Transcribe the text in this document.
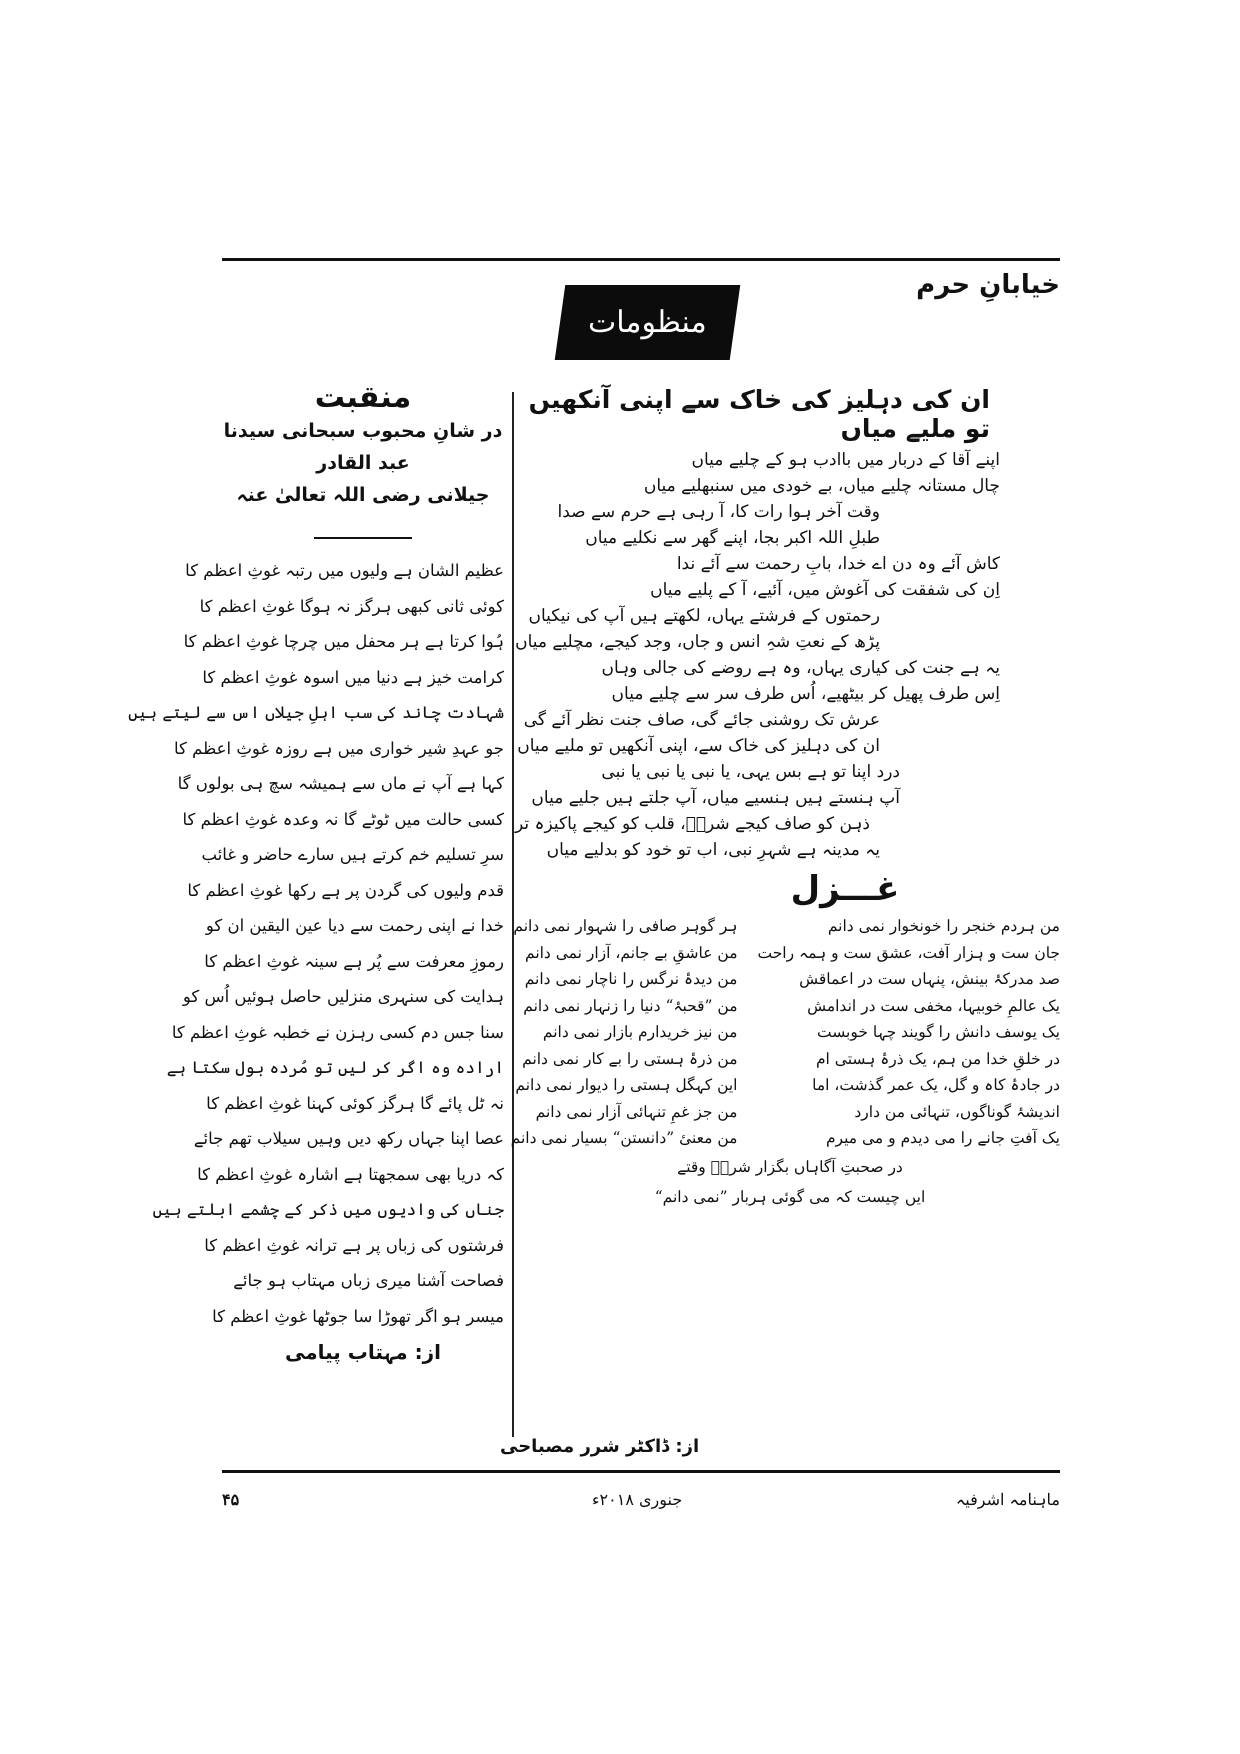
خیابانِ حرم
منظومات
منقبت
در شانِ محبوب سبحانی سیدنا عبد القادر
جیلانی رضی اللہ تعالیٰ عنہ
عظیم الشان ہے ولیوں میں رتبہ غوثِ اعظم کا
کوئی ثانی کبھی ہرگز نہ ہوگا غوثِ اعظم کا
ہُوا کرتا ہے ہر محفل میں چرچا غوثِ اعظم کا
کرامت خیز ہے دنیا میں اسوہ غوثِ اعظم کا
شہادت چاند کی سب اہلِ جیلاں اس سے لیتے ہیں
جو عہدِ شیر خواری میں ہے روزہ غوثِ اعظم کا
کہا ہے آپ نے ماں سے ہمیشہ سچ ہی بولوں گا
کسی حالت میں ٹوٹے گا نہ وعدہ غوثِ اعظم کا
سرِ تسلیم خم کرتے ہیں سارے حاضر و غائب
قدم ولیوں کی گردن پر ہے رکھا غوثِ اعظم کا
خدا نے اپنی رحمت سے دیا عین الیقین ان کو
رموزِ معرفت سے پُر ہے سینہ غوثِ اعظم کا
ہدایت کی سنہری منزلیں حاصل ہوئیں اُس کو
سنا جس دم کسی رہزن نے خطبہ غوثِ اعظم کا
ارادہ وہ اگر کر لیں تو مُردہ بول سکتا ہے
نہ ٹل پائے گا ہرگز کوئی کہنا غوثِ اعظم کا
عصا اپنا جہاں رکھ دیں وہیں سیلاب تھم جائے
کہ دریا بھی سمجھتا ہے اشارہ غوثِ اعظم کا
جناں کی وادیوں میں ذکر کے چشمے ابلتے ہیں
فرشتوں کی زباں پر ہے ترانہ غوثِ اعظم کا
فصاحت آشنا میری زباں مہتاب ہو جائے
میسر ہو اگر تھوڑا سا جوٹھا غوثِ اعظم کا
از: مہتاب پیامی
ان کی دہلیز کی خاک سے اپنی آنکھیں تو ملیے میاں
اپنے آقا کے دربار میں باادب ہو کے چلیے میاں
چال مستانہ چلیے میاں، بے خودی میں سنبھلیے میاں
وقت آخر ہوا رات کا، آ رہی ہے حرم سے صدا
طبلِ اللہ اکبر بجا، اپنے گھر سے نکلیے میاں
کاش آئے وہ دن اے خدا، بابِ رحمت سے آئے ندا
اِن کی شفقت کی آغوش میں، آئیے، آ کے پلیے میاں
رحمتوں کے فرشتے یہاں، لکھتے ہیں آپ کی نیکیاں
پڑھ کے نعتِ شہِ انس و جاں، وجد کیجے، مچلیے میاں
یہ ہے جنت کی کیاری یہاں، وہ ہے روضے کی جالی وہاں
اِس طرف پھیل کر بیٹھیے، اُس طرف سر سے چلیے میاں
عرش تک روشنی جائے گی، صاف جنت نظر آئے گی
ان کی دہلیز کی خاک سے، اپنی آنکھیں تو ملیے میاں
درد اپنا تو ہے بس یہی، یا نبی یا نبی یا نبی
آپ ہنستے ہیں ہنسیے میاں، آپ جلتے ہیں جلیے میاں
ذہن کو صاف کیجے شررؔ، قلب کو کیجے پاکیزہ تر
یہ مدینہ ہے شہرِ نبی، اب تو خود کو بدلیے میاں
غـــزل
من ہردم خنجر را خونخوار نمی دانم
ہر گوہر صافی را شہوار نمی دانم
جان ست و ہزار آفت، عشق ست و ہمہ راحت
من عاشقِ بے جانم، آزار نمی دانم
صد مدرکۂ بینش، پنہاں ست در اعماقش
من دیدۂ نرگس را ناچار نمی دانم
یک عالمِ خوبیہا، مخفی ست در اندامش
من ”قحبۂ“ دنیا را زنہار نمی دانم
یک یوسف دانش را گویند چہا خوبست
من نیز خریدارم بازار نمی دانم
در خلقِ خدا من ہم، یک ذرۂ ہستی ام
من ذرۂ ہستی را بے کار نمی دانم
در جادۂ کاہ و گل، یک عمر گذشت، اما
این کہگل ہستی را دیوار نمی دانم
اندیشۂ گوناگوں، تنہائی من دارد
من جز غمِ تنہائی آزار نمی دانم
یک آفتِ جانے را می دیدم و می میرم
من معنیٔ ”دانستن“ بسیار نمی دانم
در صحبتِ آگاہاں بگزار شررؔ وقتے
ایں چیست کہ می گوئی ہربار ”نمی دانم“
از: ڈاکٹر شرر مصباحی
ماہنامہ اشرفیہ
جنوری ۲۰۱۸ء
۴۵
